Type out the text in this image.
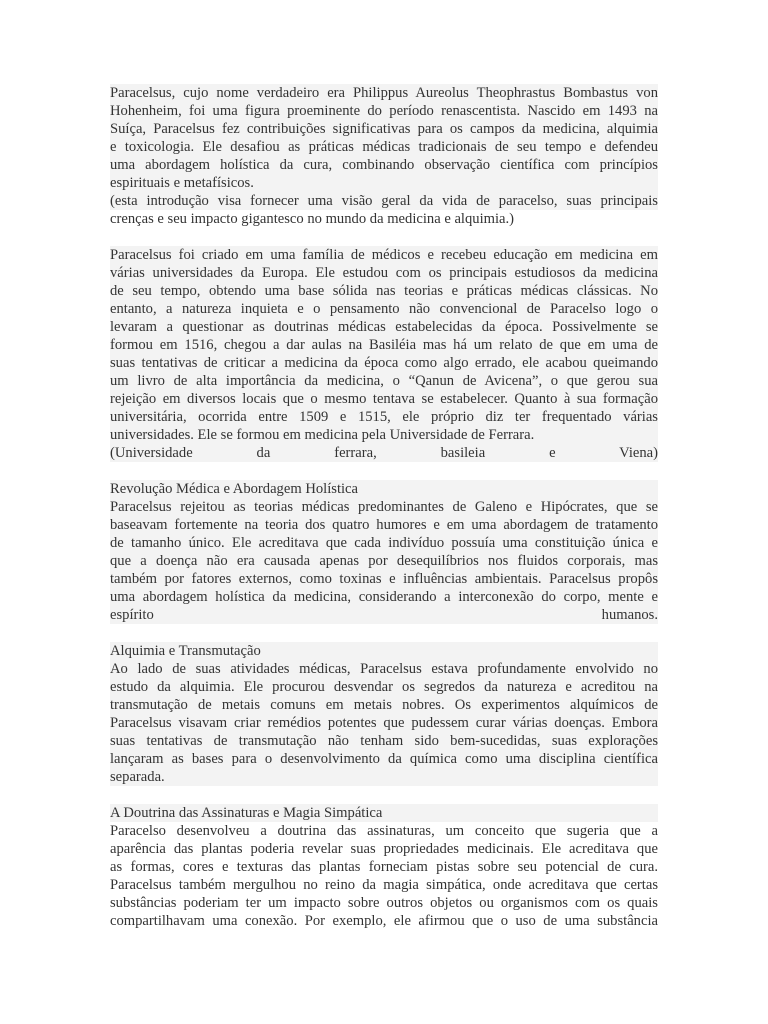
Paracelsus, cujo nome verdadeiro era Philippus Aureolus Theophrastus Bombastus von
Hohenheim, foi uma figura proeminente do período renascentista. Nascido em 1493 na
Suíça, Paracelsus fez contribuições significativas para os campos da medicina, alquimia
e toxicologia. Ele desafiou as práticas médicas tradicionais de seu tempo e defendeu
uma abordagem holística da cura, combinando observação científica com princípios
espirituais e metafísicos.
(esta introdução visa fornecer uma visão geral da vida de paracelso, suas principais
crenças e seu impacto gigantesco no mundo da medicina e alquimia.)
Paracelsus foi criado em uma família de médicos e recebeu educação em medicina em
várias universidades da Europa. Ele estudou com os principais estudiosos da medicina
de seu tempo, obtendo uma base sólida nas teorias e práticas médicas clássicas. No
entanto, a natureza inquieta e o pensamento não convencional de Paracelso logo o
levaram a questionar as doutrinas médicas estabelecidas da época. Possivelmente se
formou em 1516, chegou a dar aulas na Basiléia mas há um relato de que em uma de
suas tentativas de criticar a medicina da época como algo errado, ele acabou queimando
um livro de alta importância da medicina, o “Qanun de Avicena”, o que gerou sua
rejeição em diversos locais que o mesmo tentava se estabelecer. Quanto à sua formação
universitária, ocorrida entre 1509 e 1515, ele próprio diz ter frequentado várias
universidades. Ele se formou em medicina pela Universidade de Ferrara.
(Universidade da ferrara, basileia e Viena)
Revolução Médica e Abordagem Holística
Paracelsus rejeitou as teorias médicas predominantes de Galeno e Hipócrates, que se
baseavam fortemente na teoria dos quatro humores e em uma abordagem de tratamento
de tamanho único. Ele acreditava que cada indivíduo possuía uma constituição única e
que a doença não era causada apenas por desequilíbrios nos fluidos corporais, mas
também por fatores externos, como toxinas e influências ambientais. Paracelsus propôs
uma abordagem holística da medicina, considerando a interconexão do corpo, mente e
espírito humanos.
Alquimia e Transmutação
Ao lado de suas atividades médicas, Paracelsus estava profundamente envolvido no
estudo da alquimia. Ele procurou desvendar os segredos da natureza e acreditou na
transmutação de metais comuns em metais nobres. Os experimentos alquímicos de
Paracelsus visavam criar remédios potentes que pudessem curar várias doenças. Embora
suas tentativas de transmutação não tenham sido bem-sucedidas, suas explorações
lançaram as bases para o desenvolvimento da química como uma disciplina científica
separada.
A Doutrina das Assinaturas e Magia Simpática
Paracelso desenvolveu a doutrina das assinaturas, um conceito que sugeria que a
aparência das plantas poderia revelar suas propriedades medicinais. Ele acreditava que
as formas, cores e texturas das plantas forneciam pistas sobre seu potencial de cura.
Paracelsus também mergulhou no reino da magia simpática, onde acreditava que certas
substâncias poderiam ter um impacto sobre outros objetos ou organismos com os quais
compartilhavam uma conexão. Por exemplo, ele afirmou que o uso de uma substância
